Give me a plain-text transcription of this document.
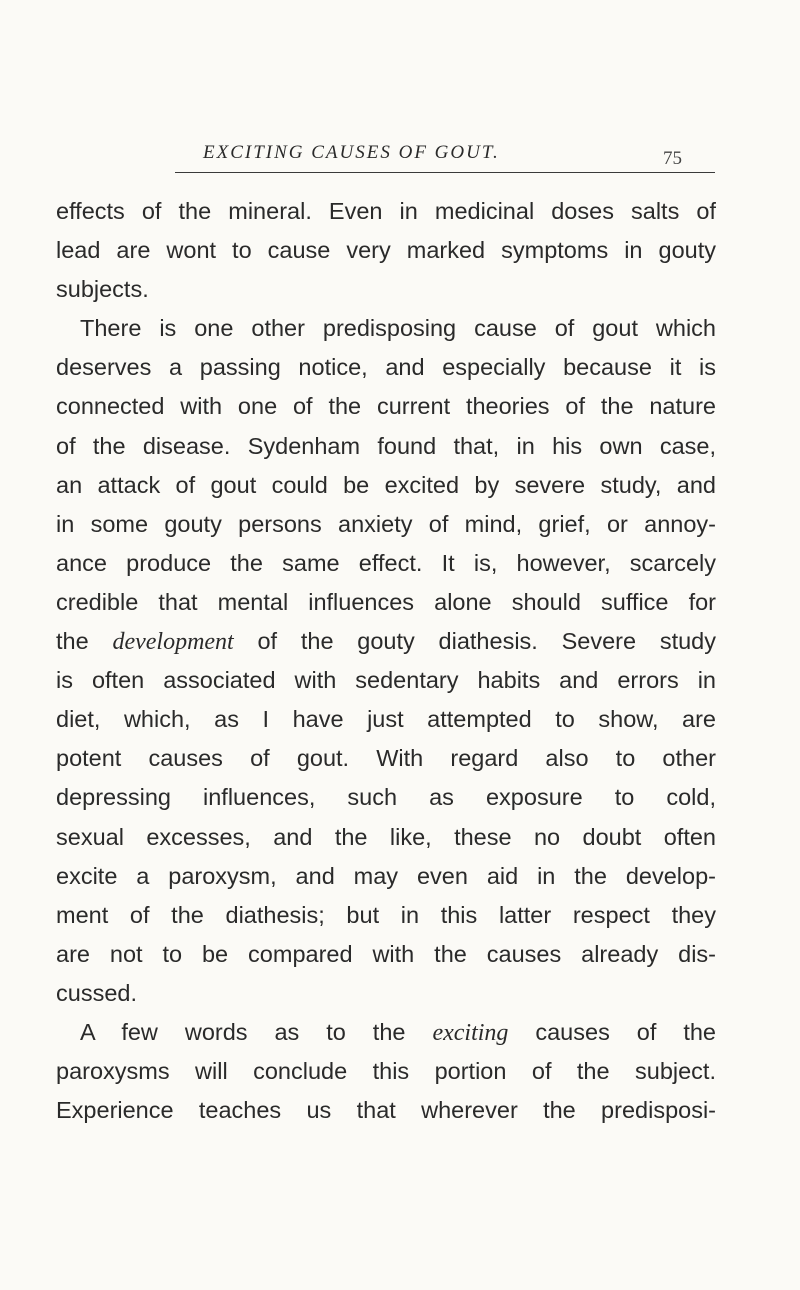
EXCITING CAUSES OF GOUT.	75
effects of the mineral. Even in medicinal doses salts of
lead are wont to cause very marked symptoms in gouty
subjects.
There is one other predisposing cause of gout which
deserves a passing notice, and especially because it is
connected with one of the current theories of the nature
of the disease. Sydenham found that, in his own case,
an attack of gout could be excited by severe study, and
in some gouty persons anxiety of mind, grief, or annoy-
ance produce the same effect. It is, however, scarcely
credible that mental influences alone should suffice for
the development of the gouty diathesis. Severe study
is often associated with sedentary habits and errors in
diet, which, as I have just attempted to show, are
potent causes of gout. With regard also to other
depressing influences, such as exposure to cold,
sexual excesses, and the like, these no doubt often
excite a paroxysm, and may even aid in the develop-
ment of the diathesis; but in this latter respect they
are not to be compared with the causes already dis-
cussed.
A few words as to the exciting causes of the
paroxysms will conclude this portion of the subject.
Experience teaches us that wherever the predisposi-
